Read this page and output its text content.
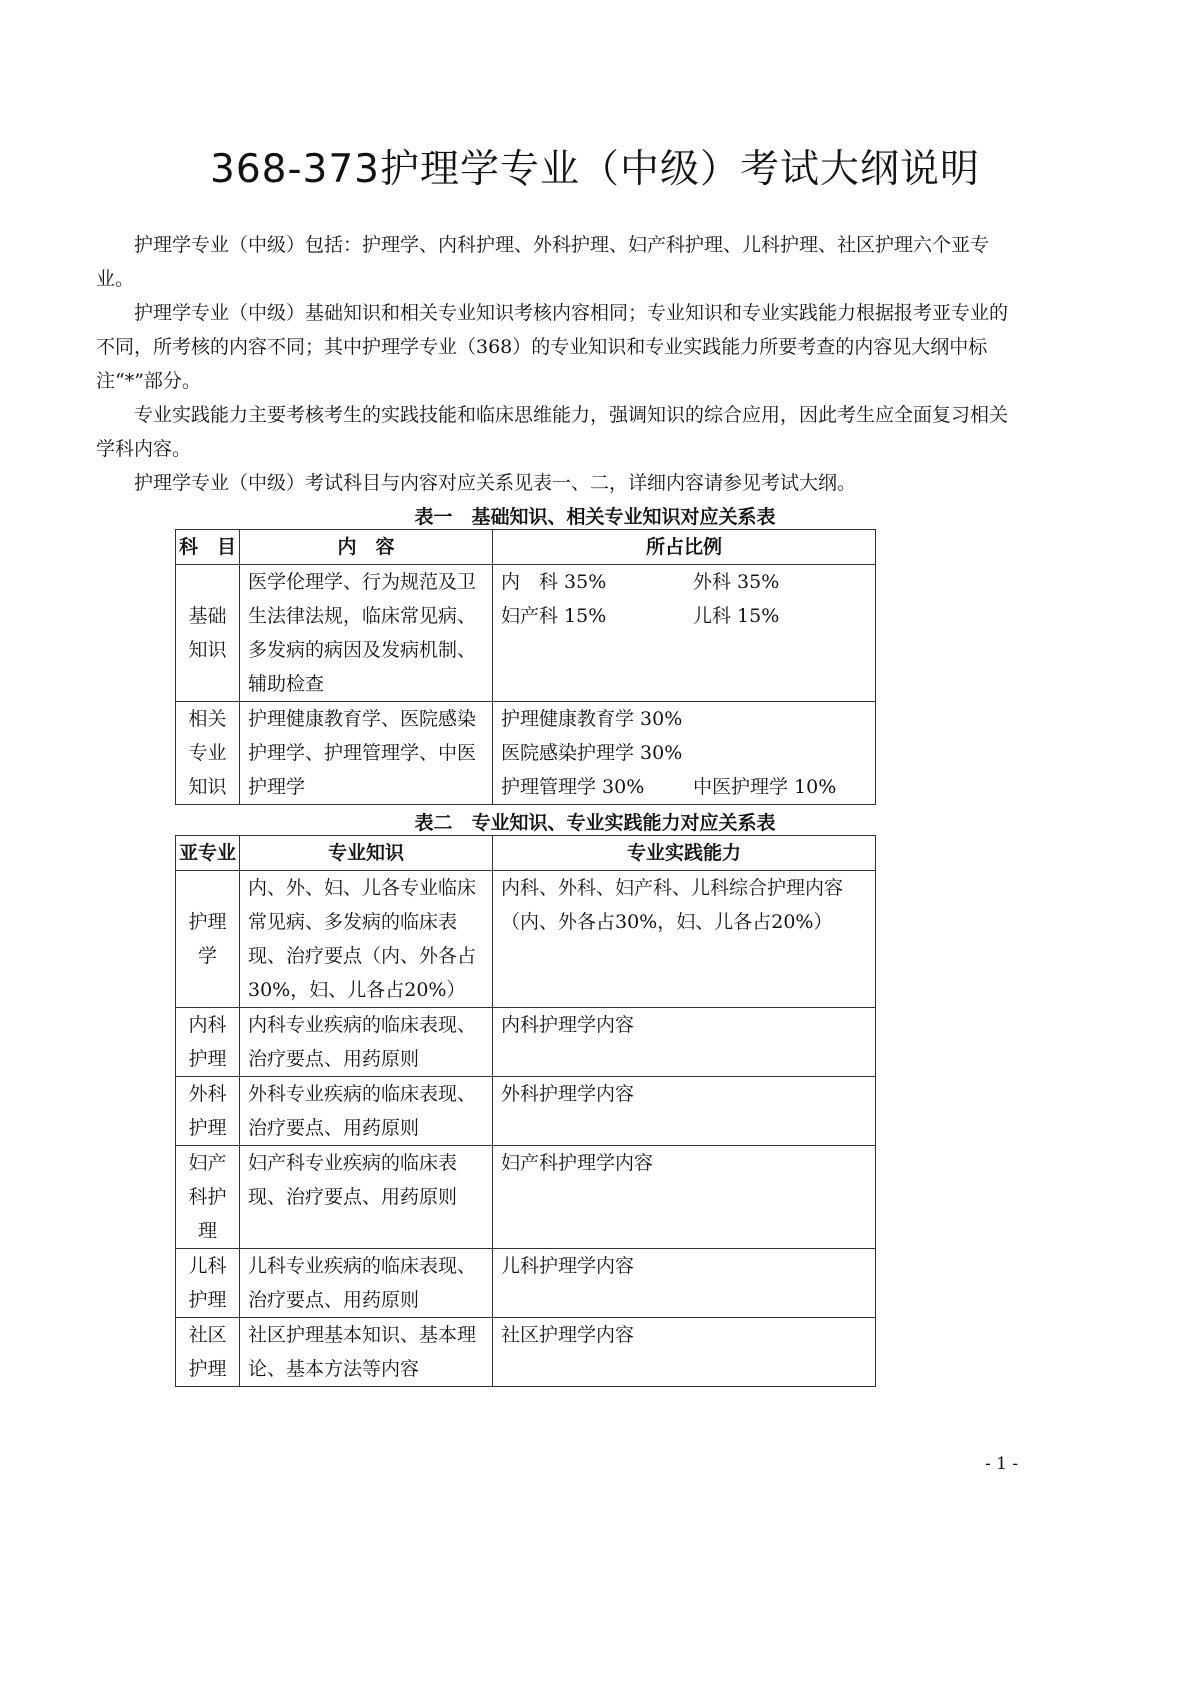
368-373护理学专业（中级）考试大纲说明

护理学专业（中级）包括：护理学、内科护理、外科护理、妇产科护理、儿科护理、社区护理六个亚专业。

护理学专业（中级）基础知识和相关专业知识考核内容相同；专业知识和专业实践能力根据报考亚专业的不同，所考核的内容不同；其中护理学专业（368）的专业知识和专业实践能力所要考查的内容见大纲中标注“*”部分。

专业实践能力主要考核考生的实践技能和临床思维能力，强调知识的综合应用，因此考生应全面复习相关学科内容。

护理学专业（中级）考试科目与内容对应关系见表一、二，详细内容请参见考试大纲。

表一　基础知识、相关专业知识对应关系表
科　目	内　容	所占比例
基础知识	医学伦理学、行为规范及卫生法律法规，临床常见病、多发病的病因及发病机制、辅助检查	内　科 35% 外科 35%
妇产科 15% 儿科 15%

相关专业知识	护理健康教育学、医院感染护理学、护理管理学、中医护理学	护理健康教育学 30%医院感染护理学 30%
护理管理学 30% 中医护理学 10%
表二　专业知识、专业实践能力对应关系表
亚专业	专业知识	专业实践能力
护理学	内、外、妇、儿各专业临床常见病、多发病的临床表现、治疗要点（内、外各占30%，妇、儿各占20%）	内科、外科、妇产科、儿科综合护理内容（内、外各占30%，妇、儿各占20%）
内科护理	内科专业疾病的临床表现、治疗要点、用药原则	内科护理学内容
外科护理	外科专业疾病的临床表现、治疗要点、用药原则	外科护理学内容
妇产科护理	妇产科专业疾病的临床表现、治疗要点、用药原则	妇产科护理学内容
儿科护理	儿科专业疾病的临床表现、治疗要点、用药原则	儿科护理学内容
社区护理	社区护理基本知识、基本理论、基本方法等内容	社区护理学内容
- 1 -
